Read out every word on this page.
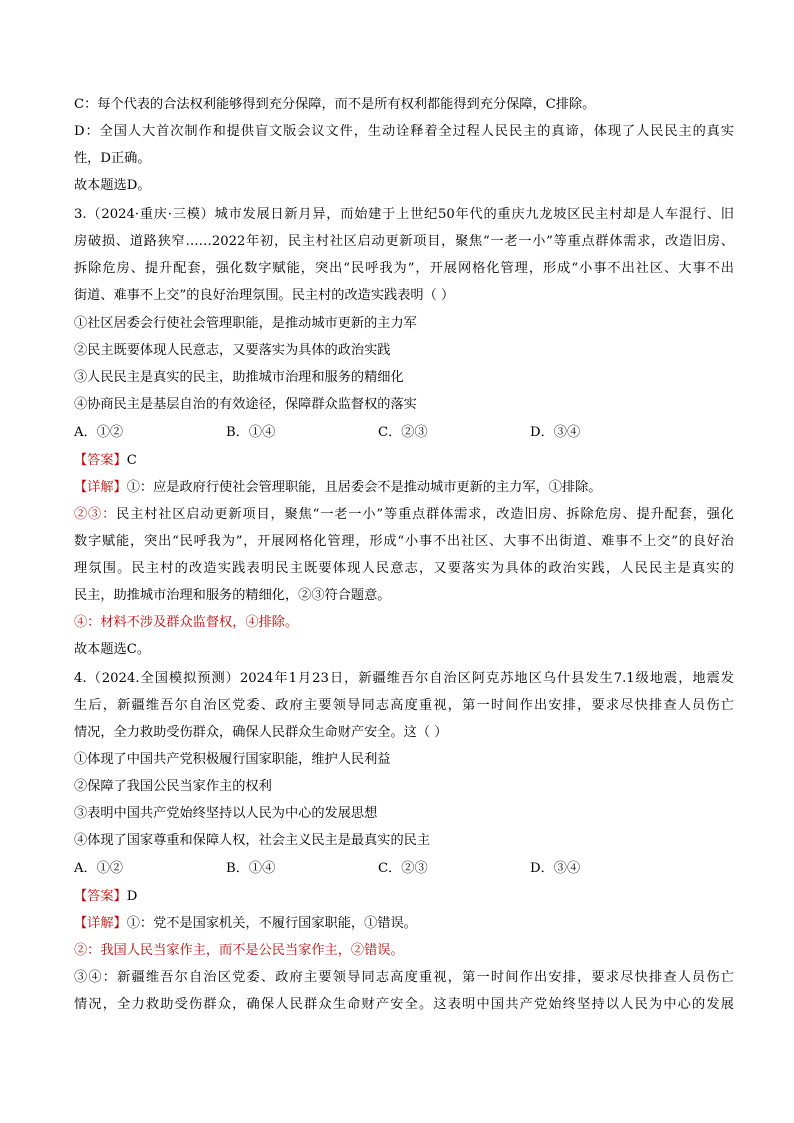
C：每个代表的合法权利能够得到充分保障，而不是所有权利都能得到充分保障，C排除。
D：全国人大首次制作和提供盲文版会议文件，生动诠释着全过程人民民主的真谛，体现了人民民主的真实
性，D正确。
故本题选D。
3.（2024·重庆·三模）城市发展日新月异，而始建于上世纪50年代的重庆九龙坡区民主村却是人车混行、旧
房破损、道路狭窄……2022年初，民主村社区启动更新项目，聚焦“一老一小”等重点群体需求，改造旧房、
拆除危房、提升配套，强化数字赋能，突出“民呼我为”，开展网格化管理，形成“小事不出社区、大事不出
街道、难事不上交”的良好治理氛围。民主村的改造实践表明（ ）
①社区居委会行使社会管理职能，是推动城市更新的主力军
②民主既要体现人民意志，又要落实为具体的政治实践
③人民民主是真实的民主，助推城市治理和服务的精细化
④协商民主是基层自治的有效途径，保障群众监督权的落实
A．①②	B．①④	C．②③	D．③④
【答案】C
【详解】①：应是政府行使社会管理职能，且居委会不是推动城市更新的主力军，①排除。
②③：民主村社区启动更新项目，聚焦“一老一小”等重点群体需求，改造旧房、拆除危房、提升配套，强化
数字赋能，突出“民呼我为”，开展网格化管理，形成“小事不出社区、大事不出街道、难事不上交”的良好治
理氛围。民主村的改造实践表明民主既要体现人民意志，又要落实为具体的政治实践，人民民主是真实的
民主，助推城市治理和服务的精细化，②③符合题意。
④：材料不涉及群众监督权，④排除。
故本题选C。
4.（2024.全国模拟预测）2024年1月23日，新疆维吾尔自治区阿克苏地区乌什县发生7.1级地震，地震发
生后，新疆维吾尔自治区党委、政府主要领导同志高度重视，第一时间作出安排，要求尽快排查人员伤亡
情况，全力救助受伤群众，确保人民群众生命财产安全。这（ ）
①体现了中国共产党积极履行国家职能，维护人民利益
②保障了我国公民当家作主的权利
③表明中国共产党始终坚持以人民为中心的发展思想
④体现了国家尊重和保障人权，社会主义民主是最真实的民主
A．①②	B．①④	C．②③	D．③④
【答案】D
【详解】①：党不是国家机关，不履行国家职能，①错误。
②：我国人民当家作主，而不是公民当家作主，②错误。
③④：新疆维吾尔自治区党委、政府主要领导同志高度重视，第一时间作出安排，要求尽快排查人员伤亡
情况，全力救助受伤群众，确保人民群众生命财产安全。这表明中国共产党始终坚持以人民为中心的发展
